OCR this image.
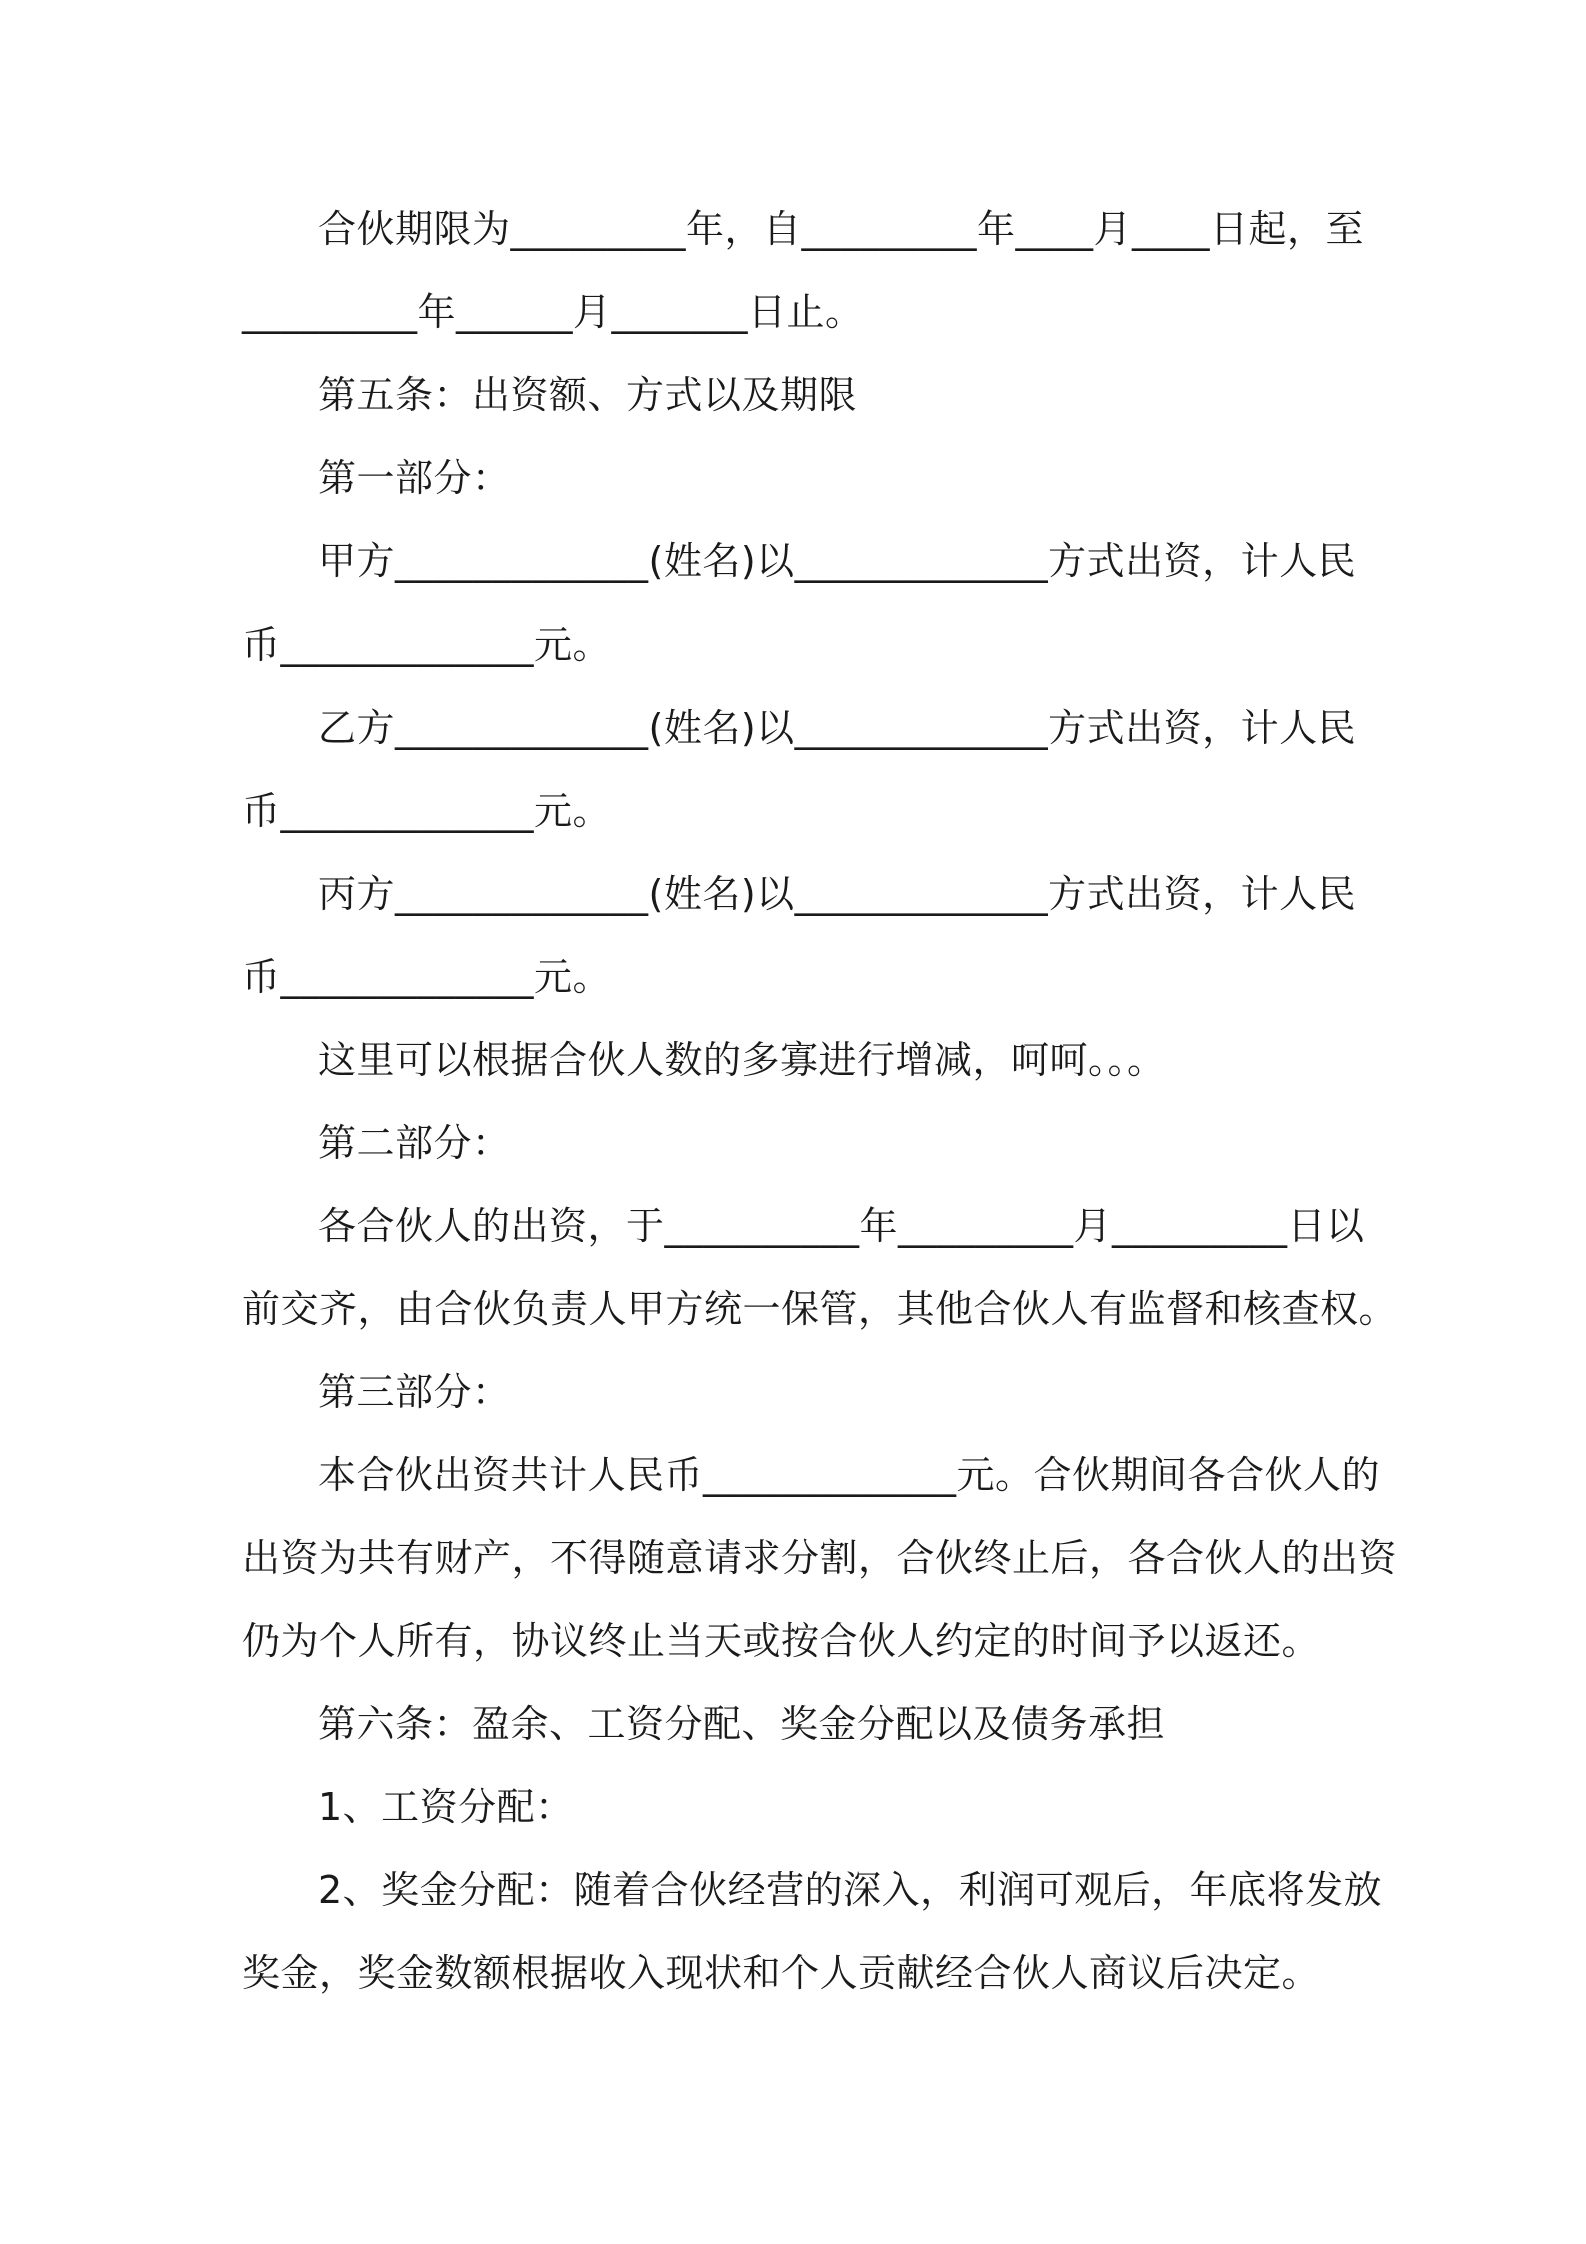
合伙期限为_________年，自_________年____月____日起，至
_________年______月_______日止。
第五条：出资额、方式以及期限
第一部分：
甲方_____________(姓名)以_____________方式出资，计人民
币_____________元。
乙方_____________(姓名)以_____________方式出资，计人民
币_____________元。
丙方_____________(姓名)以_____________方式出资，计人民
币_____________元。
这里可以根据合伙人数的多寡进行增减，呵呵。。。
第二部分：
各合伙人的出资，于__________年_________月_________日以
前交齐，由合伙负责人甲方统一保管，其他合伙人有监督和核查权。
第三部分：
本合伙出资共计人民币_____________元。合伙期间各合伙人的
出资为共有财产，不得随意请求分割，合伙终止后，各合伙人的出资
仍为个人所有，协议终止当天或按合伙人约定的时间予以返还。
第六条：盈余、工资分配、奖金分配以及债务承担
1、工资分配：
2、奖金分配：随着合伙经营的深入，利润可观后，年底将发放
奖金，奖金数额根据收入现状和个人贡献经合伙人商议后决定。
